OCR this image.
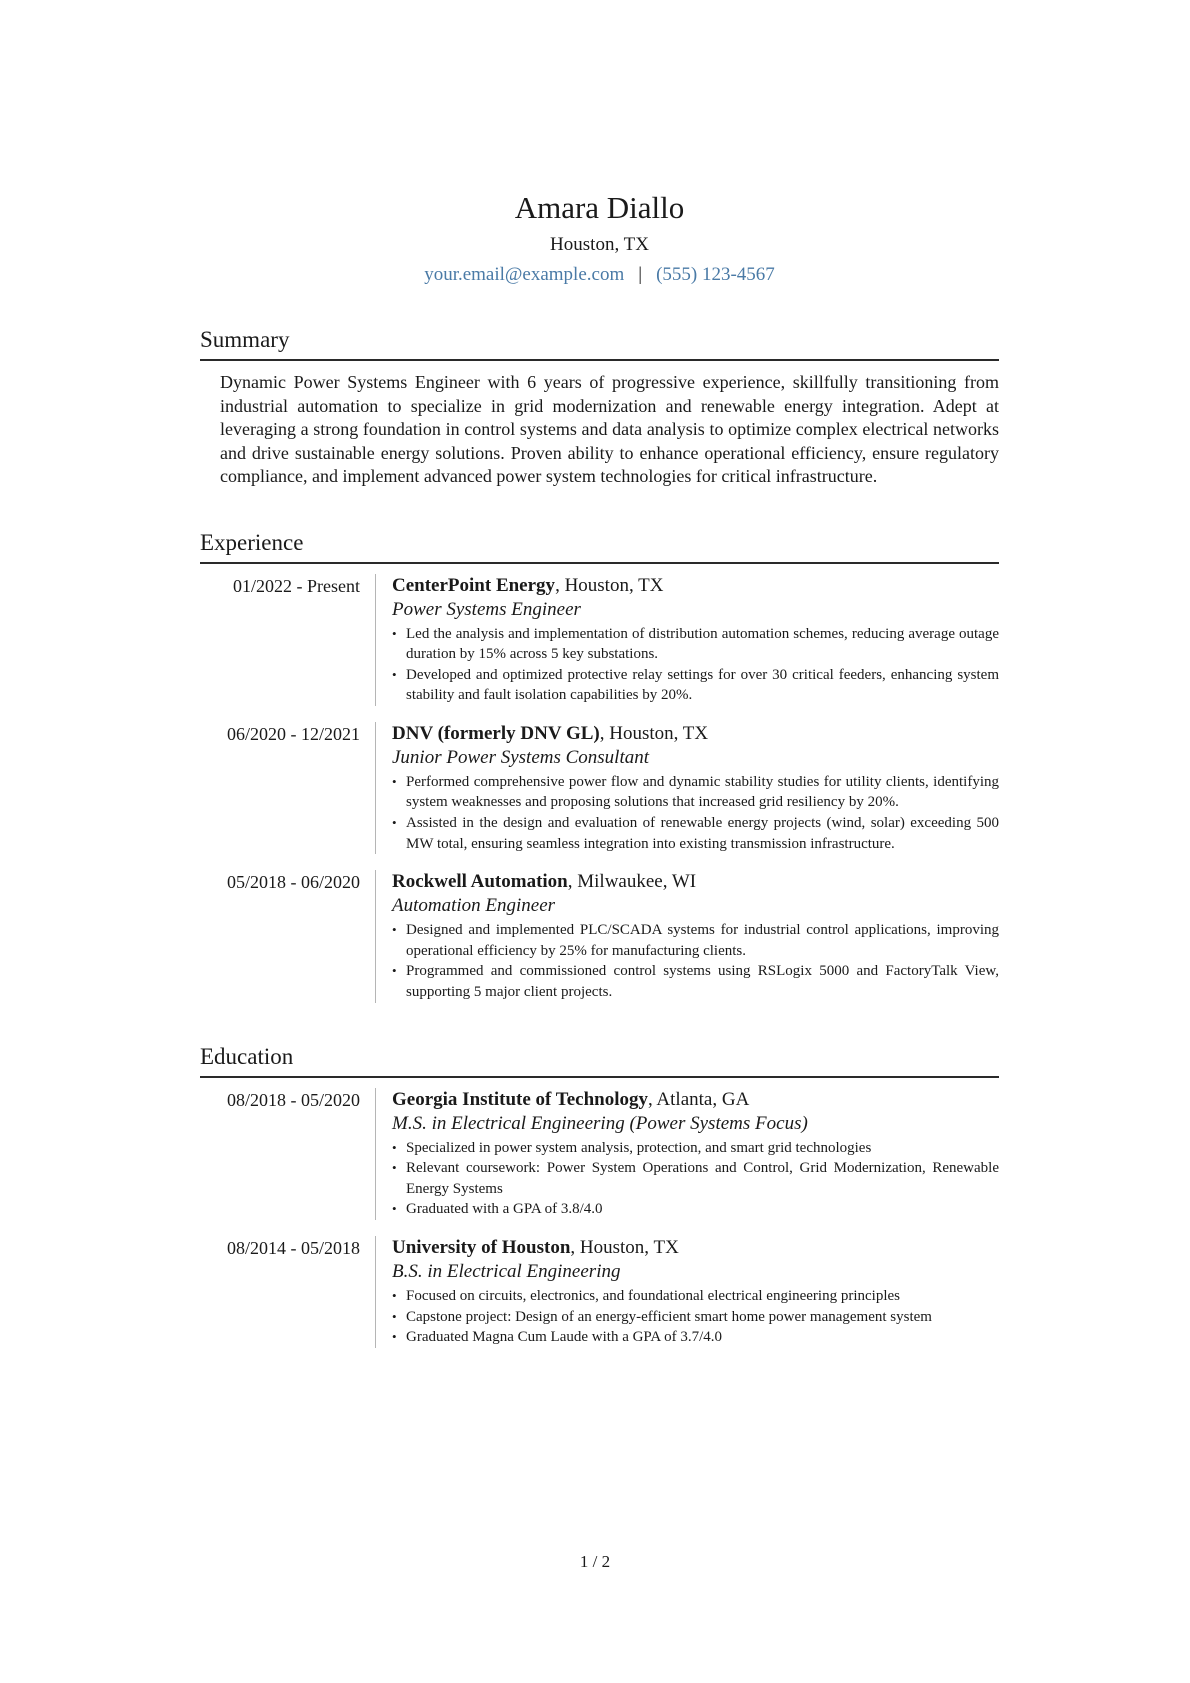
Amara Diallo
Houston, TX
your.email@example.com | (555) 123-4567
Summary

Dynamic Power Systems Engineer with 6 years of progressive experience, skillfully transitioning from industrial automation to specialize in grid modernization and renewable energy integration. Adept at leveraging a strong foundation in control systems and data analysis to optimize complex electrical networks and drive sustainable energy solutions. Proven ability to enhance operational efficiency, ensure regulatory compliance, and implement advanced power system technologies for critical infrastructure.

Experience
01/2022 - Present	CenterPoint Energy, Houston, TX
Power Systems Engineer
• Led the analysis and implementation of distribution automation schemes, reducing average outage duration by 15% across 5 key substations.
• Developed and optimized protective relay settings for over 30 critical feeders, enhancing system stability and fault isolation capabilities by 20%.
06/2020 - 12/2021	DNV (formerly DNV GL), Houston, TX
Junior Power Systems Consultant
• Performed comprehensive power flow and dynamic stability studies for utility clients, identifying system weaknesses and proposing solutions that increased grid resiliency by 20%.
• Assisted in the design and evaluation of renewable energy projects (wind, solar) exceeding 500 MW total, ensuring seamless integration into existing transmission infrastructure.
05/2018 - 06/2020	Rockwell Automation, Milwaukee, WI
Automation Engineer
• Designed and implemented PLC/SCADA systems for industrial control applications, improving operational efficiency by 25% for manufacturing clients.
• Programmed and commissioned control systems using RSLogix 5000 and FactoryTalk View, supporting 5 major client projects.
Education
08/2018 - 05/2020	Georgia Institute of Technology, Atlanta, GA
M.S. in Electrical Engineering (Power Systems Focus)
• Specialized in power system analysis, protection, and smart grid technologies
• Relevant coursework: Power System Operations and Control, Grid Modernization, Renewable Energy Systems
• Graduated with a GPA of 3.8/4.0
08/2014 - 05/2018	University of Houston, Houston, TX
B.S. in Electrical Engineering
• Focused on circuits, electronics, and foundational electrical engineering principles
• Capstone project: Design of an energy-efficient smart home power management system
• Graduated Magna Cum Laude with a GPA of 3.7/4.0
1 / 2
